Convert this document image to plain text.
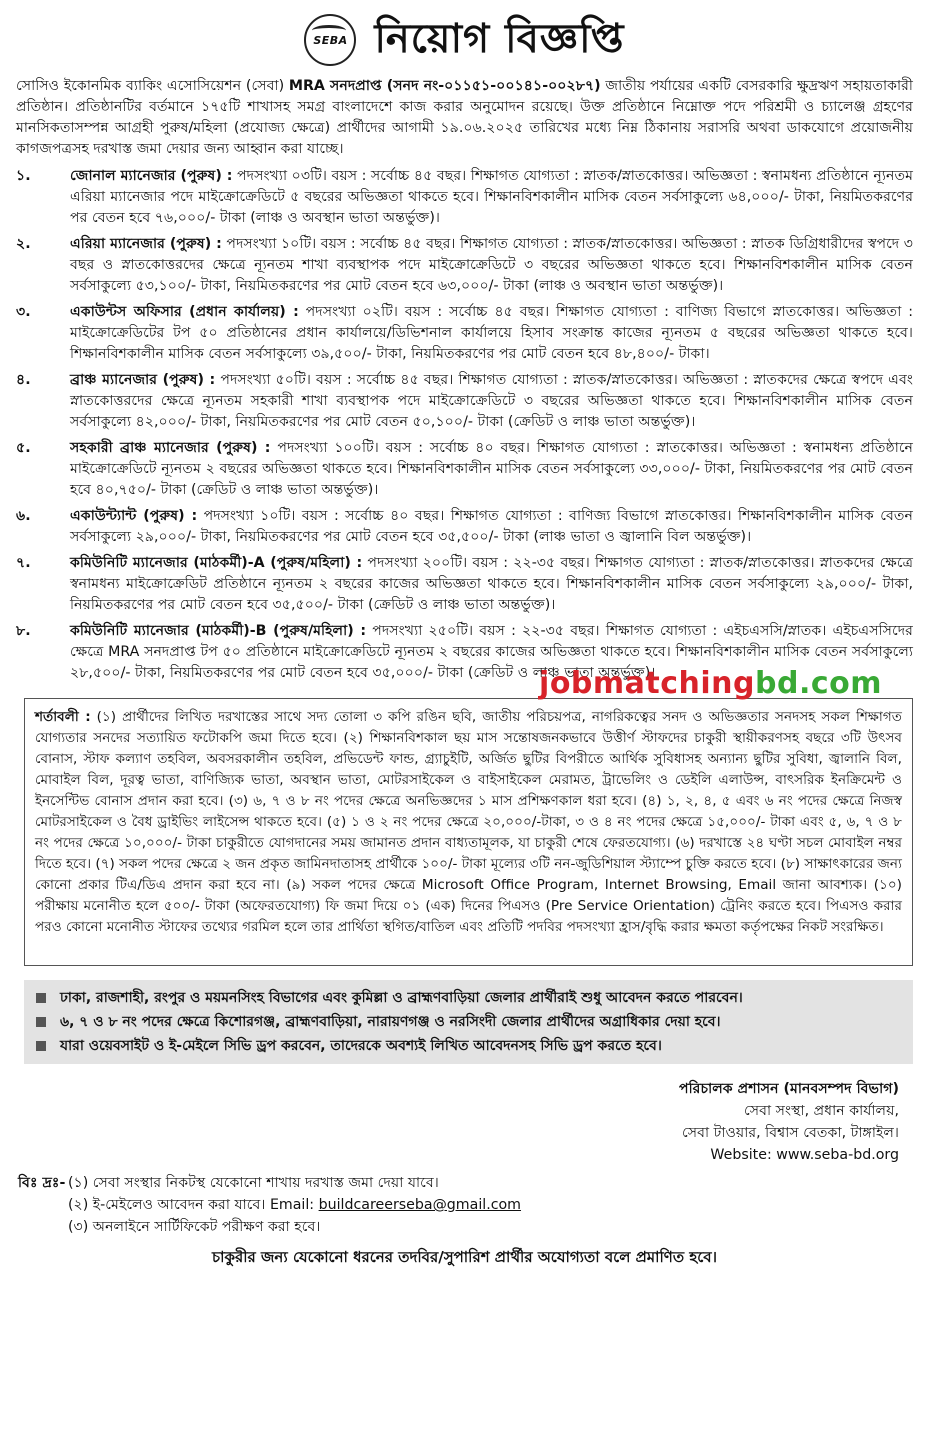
SEBA নিয়োগ বিজ্ঞপ্তি
সোসিও ইকোনমিক ব্যাকিং এসোসিয়েশন (সেবা) MRA সনদপ্রাপ্ত (সনদ নং-০১১৫১-০০১৪১-০০২৮৭) জাতীয় পর্যায়ের একটি বেসরকারি ক্ষুদ্রঋণ সহায়তাকারী প্রতিষ্ঠান। প্রতিষ্ঠানটির বর্তমানে ১৭৫টি শাখাসহ সমগ্র বাংলাদেশে কাজ করার অনুমোদন রয়েছে। উক্ত প্রতিষ্ঠানে নিম্নোক্ত পদে পরিশ্রমী ও চ্যালেঞ্জ গ্রহণের মানসিকতাসম্পন্ন আগ্রহী পুরুষ/মহিলা (প্রযোজ্য ক্ষেত্রে) প্রার্থীদের আগামী ১৯.০৬.২০২৫ তারিখের মধ্যে নিম্ন ঠিকানায় সরাসরি অথবা ডাকযোগে প্রয়োজনীয় কাগজপত্রসহ দরখাস্ত জমা দেয়ার জন্য আহ্বান করা যাচ্ছে।
১.	জোনাল ম্যানেজার (পুরুষ) : পদসংখ্যা ০৩টি। বয়স : সর্বোচ্চ ৪৫ বছর। শিক্ষাগত যোগ্যতা : স্নাতক/স্নাতকোত্তর। অভিজ্ঞতা : স্বনামধন্য প্রতিষ্ঠানে ন্যূনতম এরিয়া ম্যানেজার পদে মাইক্রোক্রেডিটে ৫ বছরের অভিজ্ঞতা থাকতে হবে। শিক্ষানবিশকালীন মাসিক বেতন সর্বসাকুল্যে ৬৪,০০০/- টাকা, নিয়মিতকরণের পর বেতন হবে ৭৬,০০০/- টাকা (লাঞ্চ ও অবস্থান ভাতা অন্তর্ভুক্ত)।
২.	এরিয়া ম্যানেজার (পুরুষ) : পদসংখ্যা ১০টি। বয়স : সর্বোচ্চ ৪৫ বছর। শিক্ষাগত যোগ্যতা : স্নাতক/স্নাতকোত্তর। অভিজ্ঞতা : স্নাতক ডিগ্রিধারীদের স্বপদে ৩ বছর ও স্নাতকোত্তরদের ক্ষেত্রে ন্যূনতম শাখা ব্যবস্থাপক পদে মাইক্রোক্রেডিটে ৩ বছরের অভিজ্ঞতা থাকতে হবে। শিক্ষানবিশকালীন মাসিক বেতন সর্বসাকুল্যে ৫৩,১০০/- টাকা, নিয়মিতকরণের পর মোট বেতন হবে ৬৩,০০০/- টাকা (লাঞ্চ ও অবস্থান ভাতা অন্তর্ভুক্ত)।
৩.	একাউন্টস অফিসার (প্রধান কার্যালয়) : পদসংখ্যা ০২টি। বয়স : সর্বোচ্চ ৪৫ বছর। শিক্ষাগত যোগ্যতা : বাণিজ্য বিভাগে স্নাতকোত্তর। অভিজ্ঞতা : মাইক্রোক্রেডিটের টপ ৫০ প্রতিষ্ঠানের প্রধান কার্যালয়ে/ডিভিশনাল কার্যালয়ে হিসাব সংক্রান্ত কাজের ন্যূনতম ৫ বছরের অভিজ্ঞতা থাকতে হবে। শিক্ষানবিশকালীন মাসিক বেতন সর্বসাকুল্যে ৩৯,৫০০/- টাকা, নিয়মিতকরণের পর মোট বেতন হবে ৪৮,৪০০/- টাকা।
৪.	ব্রাঞ্চ ম্যানেজার (পুরুষ) : পদসংখ্যা ৫০টি। বয়স : সর্বোচ্চ ৪৫ বছর। শিক্ষাগত যোগ্যতা : স্নাতক/স্নাতকোত্তর। অভিজ্ঞতা : স্নাতকদের ক্ষেত্রে স্বপদে এবং স্নাতকোত্তরদের ক্ষেত্রে ন্যূনতম সহকারী শাখা ব্যবস্থাপক পদে মাইক্রোক্রেডিটে ৩ বছরের অভিজ্ঞতা থাকতে হবে। শিক্ষানবিশকালীন মাসিক বেতন সর্বসাকুল্যে ৪২,০০০/- টাকা, নিয়মিতকরণের পর মোট বেতন ৫০,১০০/- টাকা (ক্রেডিট ও লাঞ্চ ভাতা অন্তর্ভুক্ত)।
৫.	সহকারী ব্রাঞ্চ ম্যানেজার (পুরুষ) : পদসংখ্যা ১০০টি। বয়স : সর্বোচ্চ ৪০ বছর। শিক্ষাগত যোগ্যতা : স্নাতকোত্তর। অভিজ্ঞতা : স্বনামধন্য প্রতিষ্ঠানে মাইক্রোক্রেডিটে ন্যূনতম ২ বছরের অভিজ্ঞতা থাকতে হবে। শিক্ষানবিশকালীন মাসিক বেতন সর্বসাকুল্যে ৩৩,০০০/- টাকা, নিয়মিতকরণের পর মোট বেতন হবে ৪০,৭৫০/- টাকা (ক্রেডিট ও লাঞ্চ ভাতা অন্তর্ভুক্ত)।
৬.	একাউন্ট্যান্ট (পুরুষ) : পদসংখ্যা ১০টি। বয়স : সর্বোচ্চ ৪০ বছর। শিক্ষাগত যোগ্যতা : বাণিজ্য বিভাগে স্নাতকোত্তর। শিক্ষানবিশকালীন মাসিক বেতন সর্বসাকুল্যে ২৯,০০০/- টাকা, নিয়মিতকরণের পর মোট বেতন হবে ৩৫,৫০০/- টাকা (লাঞ্চ ভাতা ও জ্বালানি বিল অন্তর্ভুক্ত)।
৭.	কমিউনিটি ম্যানেজার (মাঠকর্মী)-A (পুরুষ/মহিলা) : পদসংখ্যা ২০০টি। বয়স : ২২-৩৫ বছর। শিক্ষাগত যোগ্যতা : স্নাতক/স্নাতকোত্তর। স্নাতকদের ক্ষেত্রে স্বনামধন্য মাইক্রোক্রেডিট প্রতিষ্ঠানে ন্যূনতম ২ বছরের কাজের অভিজ্ঞতা থাকতে হবে। শিক্ষানবিশকালীন মাসিক বেতন সর্বসাকুল্যে ২৯,০০০/- টাকা, নিয়মিতকরণের পর মোট বেতন হবে ৩৫,৫০০/- টাকা (ক্রেডিট ও লাঞ্চ ভাতা অন্তর্ভুক্ত)।
৮.	কমিউনিটি ম্যানেজার (মাঠকর্মী)-B (পুরুষ/মহিলা) : পদসংখ্যা ২৫০টি। বয়স : ২২-৩৫ বছর। শিক্ষাগত যোগ্যতা : এইচএসসি/স্নাতক। এইচএসসিদের ক্ষেত্রে MRA সনদপ্রাপ্ত টপ ৫০ প্রতিষ্ঠানে মাইক্রোক্রেডিটে ন্যূনতম ২ বছরের কাজের অভিজ্ঞতা থাকতে হবে। শিক্ষানবিশকালীন মাসিক বেতন সর্বসাকুল্যে ২৮,৫০০/- টাকা, নিয়মিতকরণের পর মোট বেতন হবে ৩৫,০০০/- টাকা (ক্রেডিট ও লাঞ্চ ভাতা অন্তর্ভুক্ত)।
jobmatchingbd.com
শর্তাবলী : (১) প্রার্থীদের লিখিত দরখাস্তের সাথে সদ্য তোলা ৩ কপি রঙিন ছবি, জাতীয় পরিচয়পত্র, নাগরিকত্বের সনদ ও অভিজ্ঞতার সনদসহ সকল শিক্ষাগত যোগ্যতার সনদের সত্যায়িত ফটোকপি জমা দিতে হবে। (২) শিক্ষানবিশকাল ছয় মাস সন্তোষজনকভাবে উত্তীর্ণ স্টাফদের চাকুরী স্থায়ীকরণসহ বছরে ৩টি উৎসব বোনাস, স্টাফ কল্যাণ তহবিল, অবসরকালীন তহবিল, প্রভিডেন্ট ফান্ড, গ্র্যাচুইটি, অর্জিত ছুটির বিপরীতে আর্থিক সুবিধাসহ অন্যান্য ছুটির সুবিধা, জ্বালানি বিল, মোবাইল বিল, দূরত্ব ভাতা, বাণিজ্যিক ভাতা, অবস্থান ভাতা, মোটরসাইকেল ও বাইসাইকেল মেরামত, ট্রাভেলিং ও ডেইলি এলাউন্স, বাৎসরিক ইনক্রিমেন্ট ও ইনসেন্টিভ বোনাস প্রদান করা হবে। (৩) ৬, ৭ ও ৮ নং পদের ক্ষেত্রে অনভিজ্ঞদের ১ মাস প্রশিক্ষণকাল ধরা হবে। (৪) ১, ২, ৪, ৫ এবং ৬ নং পদের ক্ষেত্রে নিজস্ব মোটরসাইকেল ও বৈধ ড্রাইভিং লাইসেন্স থাকতে হবে। (৫) ১ ও ২ নং পদের ক্ষেত্রে ২০,০০০/-টাকা, ৩ ও ৪ নং পদের ক্ষেত্রে ১৫,০০০/- টাকা এবং ৫, ৬, ৭ ও ৮ নং পদের ক্ষেত্রে ১০,০০০/- টাকা চাকুরীতে যোগদানের সময় জামানত প্রদান বাধ্যতামূলক, যা চাকুরী শেষে ফেরতযোগ্য। (৬) দরখাস্তে ২৪ ঘণ্টা সচল মোবাইল নম্বর দিতে হবে। (৭) সকল পদের ক্ষেত্রে ২ জন প্রকৃত জামিনদাতাসহ প্রার্থীকে ১০০/- টাকা মূল্যের ৩টি নন-জুডিশিয়াল স্ট্যাম্পে চুক্তি করতে হবে। (৮) সাক্ষাৎকারের জন্য কোনো প্রকার টিএ/ডিএ প্রদান করা হবে না। (৯) সকল পদের ক্ষেত্রে Microsoft Office Program, Internet Browsing, Email জানা আবশ্যক। (১০) পরীক্ষায় মনোনীত হলে ৫০০/- টাকা (অফেরতযোগ্য) ফি জমা দিয়ে ০১ (এক) দিনের পিএসও (Pre Service Orientation) ট্রেনিং করতে হবে। পিএসও করার পরও কোনো মনোনীত স্টাফের তথ্যের গরমিল হলে তার প্রার্থিতা স্থগিত/বাতিল এবং প্রতিটি পদবির পদসংখ্যা হ্রাস/বৃদ্ধি করার ক্ষমতা কর্তৃপক্ষের নিকট সংরক্ষিত।
ঢাকা, রাজশাহী, রংপুর ও ময়মনসিংহ বিভাগের এবং কুমিল্লা ও ব্রাহ্মণবাড়িয়া জেলার প্রার্থীরাই শুধু আবেদন করতে পারবেন।
৬, ৭ ও ৮ নং পদের ক্ষেত্রে কিশোরগঞ্জ, ব্রাহ্মণবাড়িয়া, নারায়ণগঞ্জ ও নরসিংদী জেলার প্রার্থীদের অগ্রাধিকার দেয়া হবে।
যারা ওয়েবসাইট ও ই-মেইলে সিভি ড্রপ করবেন, তাদেরকে অবশ্যই লিখিত আবেদনসহ সিভি ড্রপ করতে হবে।
পরিচালক প্রশাসন (মানবসম্পদ বিভাগ)
সেবা সংস্থা, প্রধান কার্যালয়,
সেবা টাওয়ার, বিশ্বাস বেতকা, টাঙ্গাইল।
Website: www.seba-bd.org
বিঃ দ্রঃ- (১) সেবা সংস্থার নিকটস্থ যেকোনো শাখায় দরখাস্ত জমা দেয়া যাবে।
(২) ই-মেইলেও আবেদন করা যাবে। Email: buildcareerseba@gmail.com
(৩) অনলাইনে সার্টিফিকেট পরীক্ষণ করা হবে।
চাকুরীর জন্য যেকোনো ধরনের তদবির/সুপারিশ প্রার্থীর অযোগ্যতা বলে প্রমাণিত হবে।
